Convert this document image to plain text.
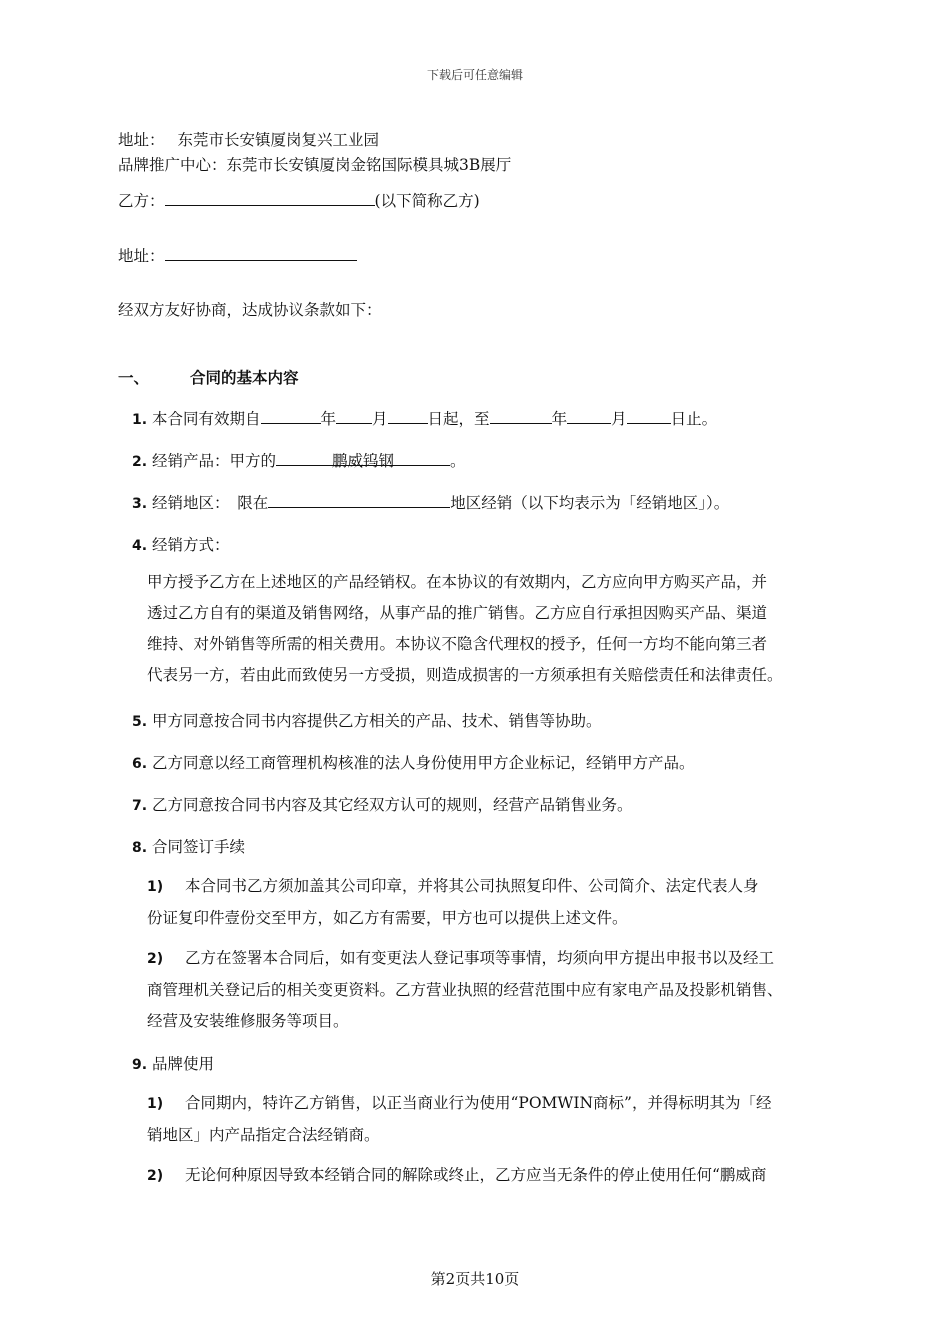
下载后可任意编辑
地址： 东莞市长安镇厦岗复兴工业园
品牌推广中心：东莞市长安镇厦岗金铭国际模具城3B展厅
乙方：	(以下简称乙方)
地址：
经双方友好协商，达成协议条款如下：
一、	合同的基本内容
1. 本合同有效期自	年 月	日起，至	年	月	日止。
2. 经销产品：甲方的	鹏威钨钢	。
3. 经销地区：　限在	地区经销（以下均表示为「经销地区」）。
4. 经销方式：
甲方授予乙方在上述地区的产品经销权。在本协议的有效期内，乙方应向甲方购买产品，并
透过乙方自有的渠道及销售网络，从事产品的推广销售。乙方应自行承担因购买产品、渠道
维持、对外销售等所需的相关费用。本协议不隐含代理权的授予，任何一方均不能向第三者
代表另一方，若由此而致使另一方受损，则造成损害的一方须承担有关赔偿责任和法律责任。
5. 甲方同意按合同书内容提供乙方相关的产品、技术、销售等协助。
6. 乙方同意以经工商管理机构核准的法人身份使用甲方企业标记，经销甲方产品。
7. 乙方同意按合同书内容及其它经双方认可的规则，经营产品销售业务。
8. 合同签订手续
1) 本合同书乙方须加盖其公司印章，并将其公司执照复印件、公司简介、法定代表人身
份证复印件壹份交至甲方，如乙方有需要，甲方也可以提供上述文件。
2) 乙方在签署本合同后，如有变更法人登记事项等事情，均须向甲方提出申报书以及经工
商管理机关登记后的相关变更资料。乙方营业执照的经营范围中应有家电产品及投影机销售、
经营及安装维修服务等项目。
9. 品牌使用
1) 合同期内，特许乙方销售，以正当商业行为使用“POMWIN商标”，并得标明其为「经
销地区」内产品指定合法经销商。
2) 无论何种原因导致本经销合同的解除或终止，乙方应当无条件的停止使用任何“鹏威商
第2页共10页
